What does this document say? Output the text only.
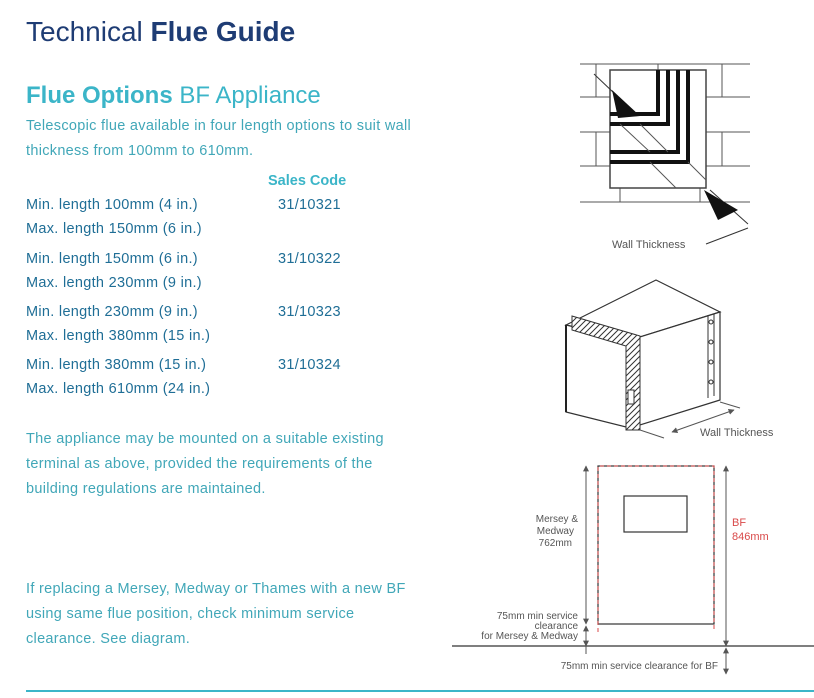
Technical Flue Guide
Flue Options BF Appliance

Telescopic flue available in four length options to suit wall thickness from 100mm to 610mm.

Sales Code
Min. length 100mm (4 in.)
Max. length 150mm (6 in.)
31/10321
Min. length 150mm (6 in.)
Max. length 230mm (9 in.)
31/10322
Min. length 230mm (9 in.)
Max. length 380mm (15 in.)
31/10323
Min. length 380mm (15 in.)
Max. length 610mm (24 in.)
31/10324

The appliance may be mounted on a suitable existing terminal as above, provided the requirements of the building regulations are maintained.

If replacing a Mersey, Medway or Thames with a new BF using same flue position, check minimum service clearance. See diagram.

Wall Thickness
Wall Thickness
Mersey &
Medway
762mm
BF
846mm
75mm min service
clearance
for Mersey & Medway
75mm min service clearance for BF
